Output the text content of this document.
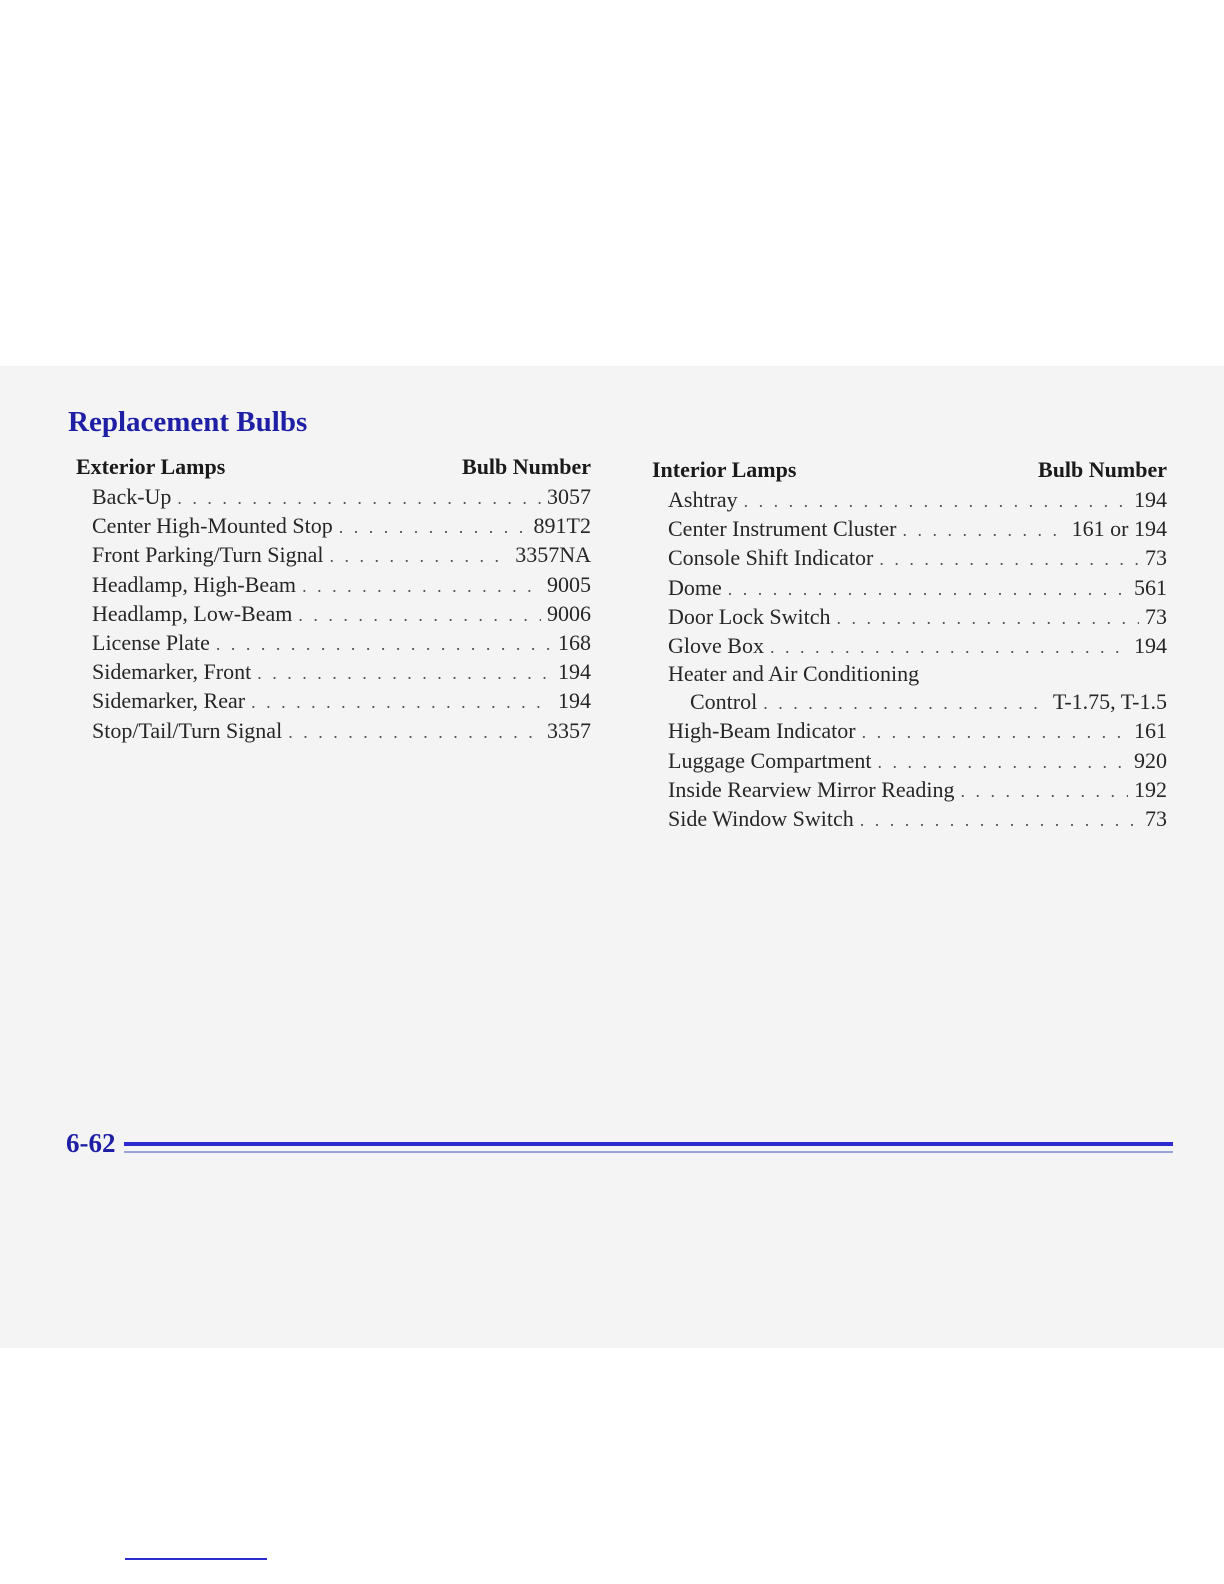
Replacement Bulbs
Exterior Lamps	Bulb Number
Back-Up . . .	3057
Center High-Mounted Stop . . .	891T2
Front Parking/Turn Signal . . .	3357NA
Headlamp, High-Beam . . .	9005
Headlamp, Low-Beam . . .	9006
License Plate . . .	168
Sidemarker, Front . . .	194
Sidemarker, Rear . . .	194
Stop/Tail/Turn Signal . . .	3357
Interior Lamps	Bulb Number
Ashtray . . .	194
Center Instrument Cluster . . .	161 or 194
Console Shift Indicator . . .	73
Dome . . .	561
Door Lock Switch . . .	73
Glove Box . . .	194
Heater and Air Conditioning
Control . . .	T-1.75, T-1.5
High-Beam Indicator . . .	161
Luggage Compartment . . .	920
Inside Rearview Mirror Reading . . .	192
Side Window Switch . . .	73
6-62
